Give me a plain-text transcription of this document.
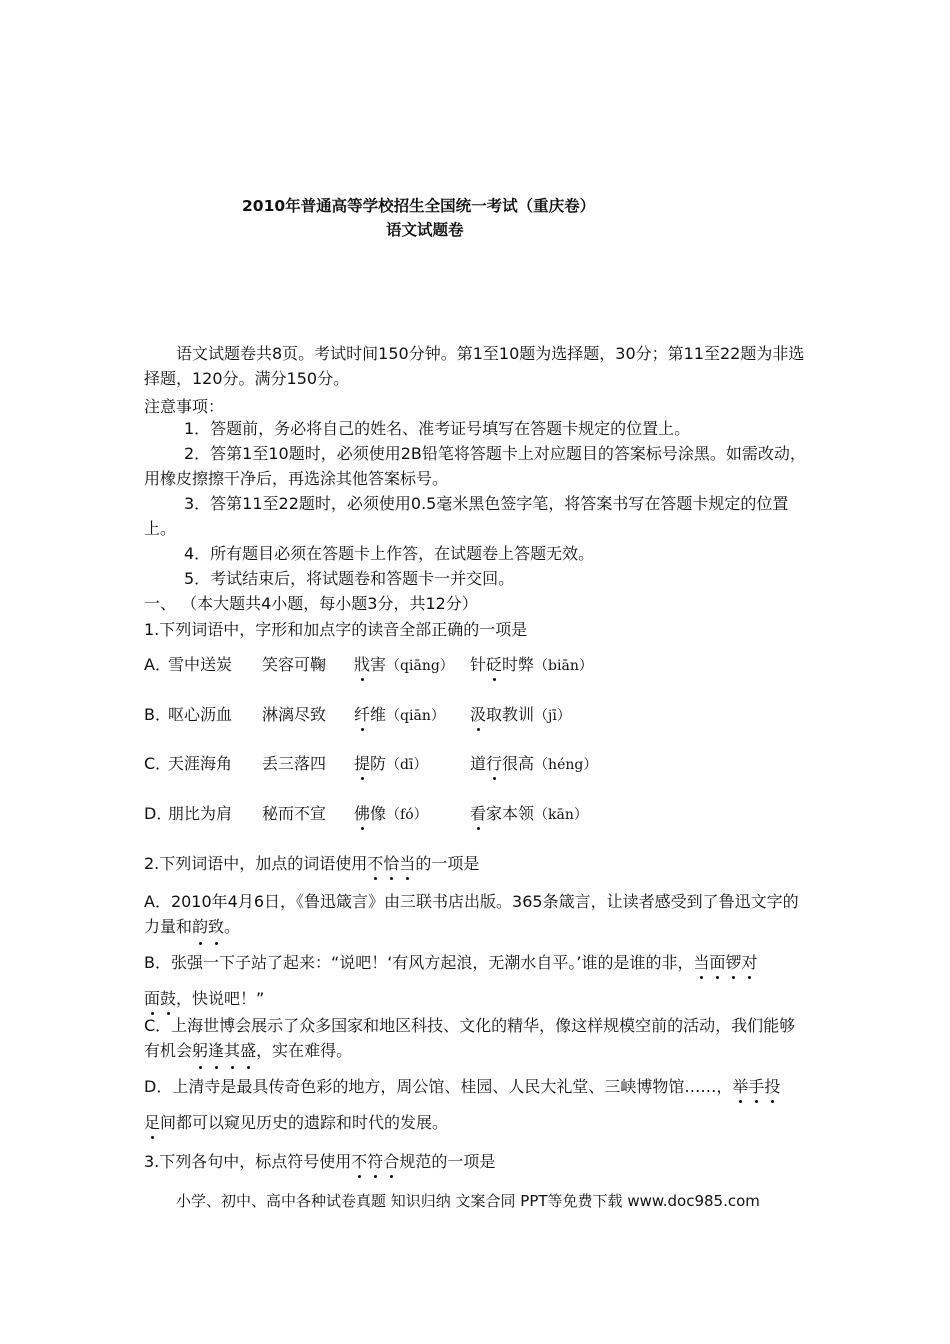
2010年普通高等学校招生全国统一考试（重庆卷）
语文试题卷
语文试题卷共8页。考试时间150分钟。第1至10题为选择题，30分；第11至22题为非选择题，120分。满分150分。
注意事项：
1．答题前，务必将自己的姓名、准考证号填写在答题卡规定的位置上。
2．答第1至10题时，必须使用2B铅笔将答题卡上对应题目的答案标号涂黑。如需改动，用橡皮擦擦干净后，再选涂其他答案标号。
3．答第11至22题时，必须使用0.5毫米黑色签字笔，将答案书写在答题卡规定的位置上。
4．所有题目必须在答题卡上作答，在试题卷上答题无效。
5．考试结束后，将试题卷和答题卡一并交回。
一、 （本大题共4小题，每小题3分，共12分）
1.下列词语中，字形和加点字的读音全部正确的一项是
A．
雪中送炭 笑容可鞠 戕害（qiāng） 针砭时弊（biān）
B．
呕心沥血 淋漓尽致 纤维（qiān） 汲取教训（jī）
C．
天涯海角 丢三落四 提防（dī）	道行很高（héng）
D．
朋比为肩 秘而不宣 佛像（fó）	看家本领（kān）
2.下列词语中，加点的词语使用不恰当的一项是
A．2010年4月6日，《鲁迅箴言》由三联书店出版。365条箴言，让读者感受到了鲁迅文字的力量和韵致。
B．张强一下子站了起来：“说吧！‘有风方起浪，无潮水自平。’谁的是谁的非，当面锣对
面鼓，快说吧！”
C．上海世博会展示了众多国家和地区科技、文化的精华，像这样规模空前的活动，我们能够有机会躬逢其盛，实在难得。
D．上清寺是最具传奇色彩的地方，周公馆、桂园、人民大礼堂、三峡博物馆……，举手投
足间都可以窥见历史的遗踪和时代的发展。
3.下列各句中，标点符号使用不符合规范的一项是
小学、初中、高中各种试卷真题 知识归纳 文案合同 PPT等免费下载 www.doc985.com
